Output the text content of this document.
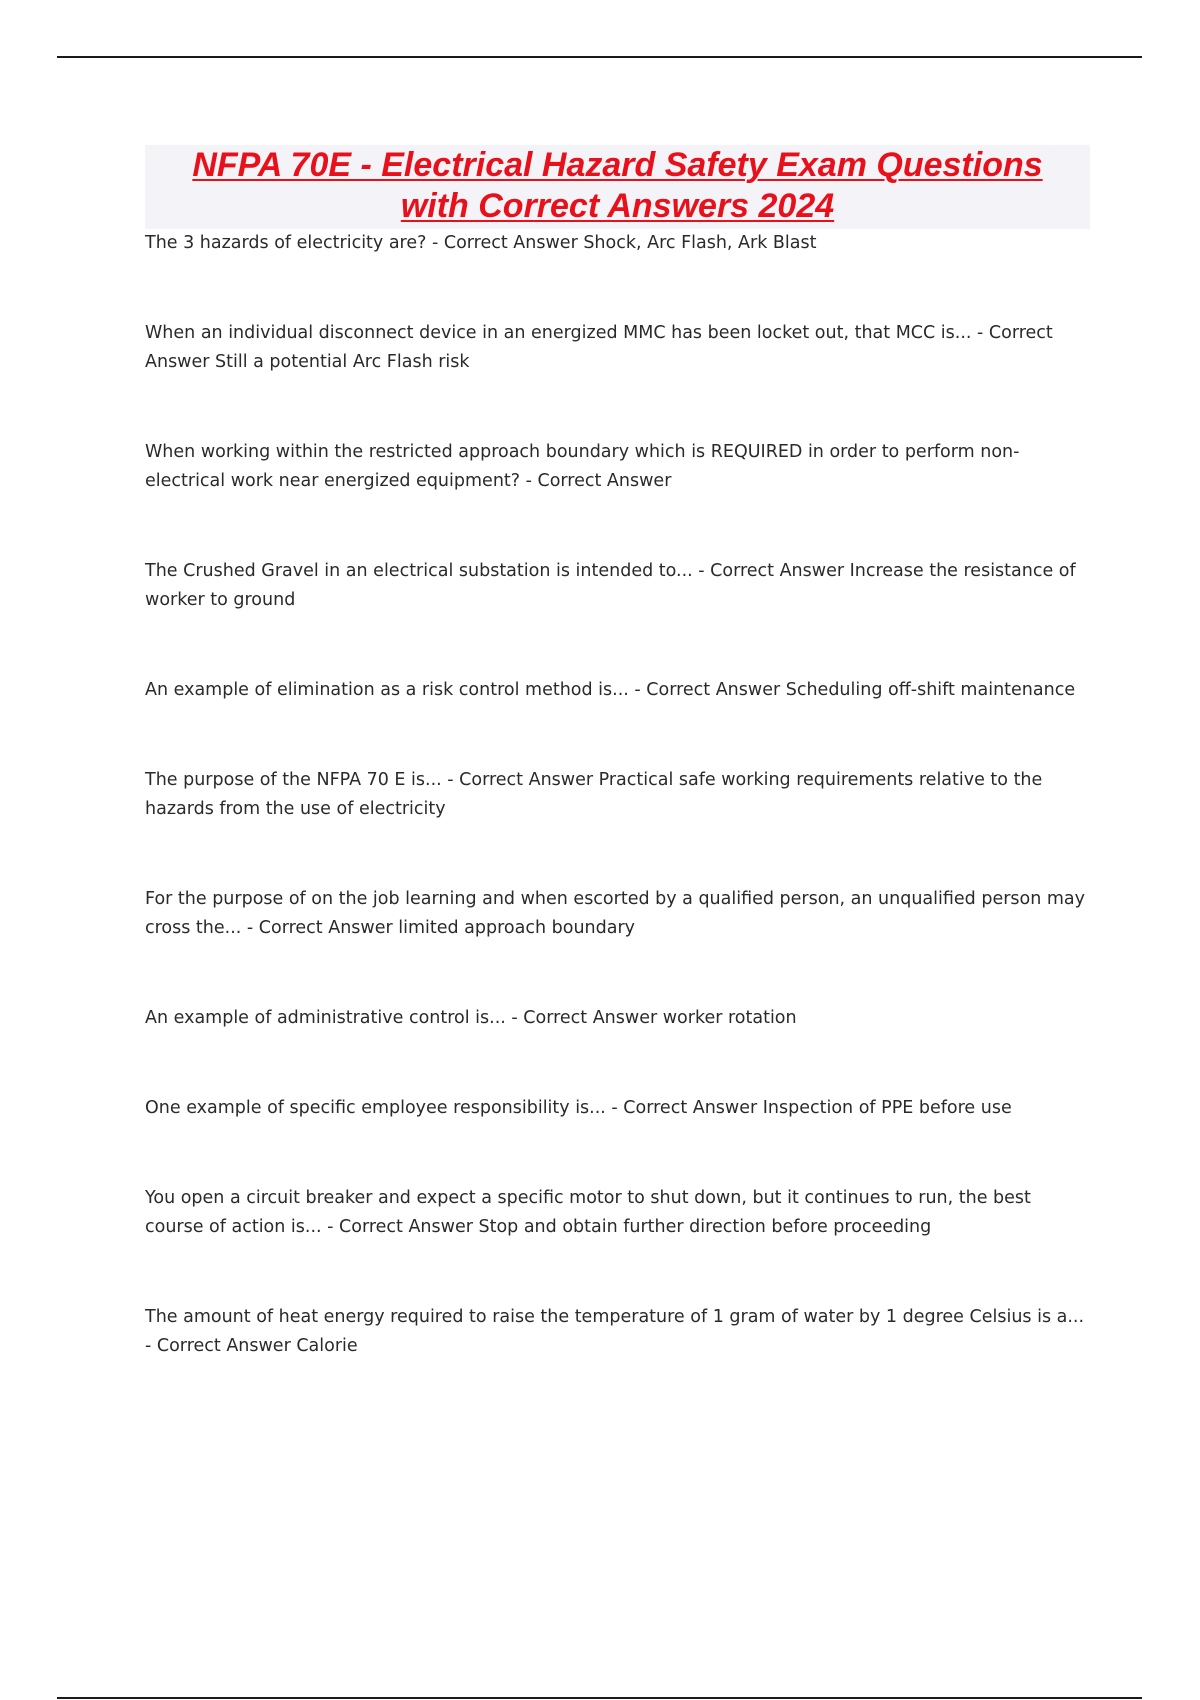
NFPA 70E - Electrical Hazard Safety Exam Questions
with Correct Answers 2024
The 3 hazards of electricity are? - Correct Answer Shock, Arc Flash, Ark Blast
When an individual disconnect device in an energized MMC has been locket out, that MCC is... - Correct Answer Still a potential Arc Flash risk
When working within the restricted approach boundary which is REQUIRED in order to perform non-electrical work near energized equipment? - Correct Answer
The Crushed Gravel in an electrical substation is intended to... - Correct Answer Increase the resistance of worker to ground
An example of elimination as a risk control method is... - Correct Answer Scheduling off-shift maintenance
The purpose of the NFPA 70 E is... - Correct Answer Practical safe working requirements relative to the hazards from the use of electricity
For the purpose of on the job learning and when escorted by a qualified person, an unqualified person may cross the... - Correct Answer limited approach boundary
An example of administrative control is... - Correct Answer worker rotation
One example of specific employee responsibility is... - Correct Answer Inspection of PPE before use
You open a circuit breaker and expect a specific motor to shut down, but it continues to run, the best course of action is... - Correct Answer Stop and obtain further direction before proceeding
The amount of heat energy required to raise the temperature of 1 gram of water by 1 degree Celsius is a... - Correct Answer Calorie
